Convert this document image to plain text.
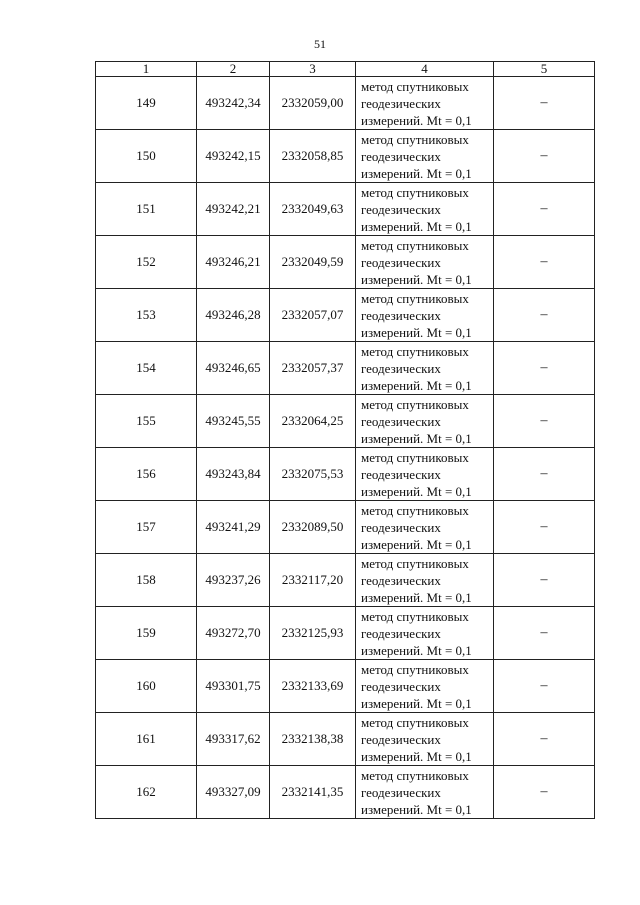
51
1	2	3	4	5
149	493242,34	2332059,00	метод спутниковых
геодезических
измерений. Mt = 0,1	–
150	493242,15	2332058,85	метод спутниковых
геодезических
измерений. Mt = 0,1	–
151	493242,21	2332049,63	метод спутниковых
геодезических
измерений. Mt = 0,1	–
152	493246,21	2332049,59	метод спутниковых
геодезических
измерений. Mt = 0,1	–
153	493246,28	2332057,07	метод спутниковых
геодезических
измерений. Mt = 0,1	–
154	493246,65	2332057,37	метод спутниковых
геодезических
измерений. Mt = 0,1	–
155	493245,55	2332064,25	метод спутниковых
геодезических
измерений. Mt = 0,1	–
156	493243,84	2332075,53	метод спутниковых
геодезических
измерений. Mt = 0,1	–
157	493241,29	2332089,50	метод спутниковых
геодезических
измерений. Mt = 0,1	–
158	493237,26	2332117,20	метод спутниковых
геодезических
измерений. Mt = 0,1	–
159	493272,70	2332125,93	метод спутниковых
геодезических
измерений. Mt = 0,1	–
160	493301,75	2332133,69	метод спутниковых
геодезических
измерений. Mt = 0,1	–
161	493317,62	2332138,38	метод спутниковых
геодезических
измерений. Mt = 0,1	–
162	493327,09	2332141,35	метод спутниковых
геодезических
измерений. Mt = 0,1	–
